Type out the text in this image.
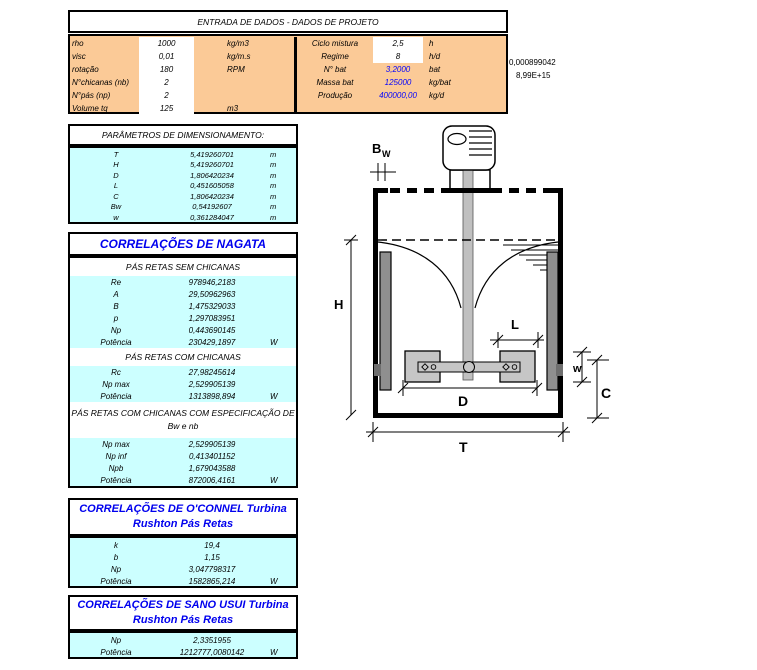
ENTRADA DE DADOS - DADOS DE PROJETO
rho	1000	kg/m3
visc	0,01	kg/m.s
rotação	180	RPM
N°chicanas (nb)	2
N°pás (np)	2
Volume tq	125	m3
Ciclo mistura	2,5	h
Regime	8	h/d
N° bat	3,2000	bat
Massa bat	125000	kg/bat
Produção	400000,00	kg/d
0,000899042
8,99E+15
PARÂMETROS DE DIMENSIONAMENTO:
T	5,419260701	m
H	5,419260701	m
D	1,806420234	m
L	0,451605058	m
C	1,806420234	m
Bw	0,54192607	m
w	0,361284047	m
CORRELAÇÕES DE NAGATA
PÁS RETAS SEM CHICANAS
Re	978946,2183
A	29,50962963
B	1,475329033
p	1,297083951
Np	0,443690145
Potência	230429,1897	W
PÁS RETAS COM CHICANAS
Rc	27,98245614
Np max	2,529905139
Potência	1313898,894	W
PÁS RETAS COM CHICANAS COM ESPECIFICAÇÃO DE
Bw e nb
Np max	2,529905139
Np inf	0,413401152
Npb	1,679043588
Potência	872006,4161	W
CORRELAÇÕES DE O'CONNEL Turbina
Rushton Pás Retas
k	19,4
b	1,15
Np	3,047798317
Potência	1582865,214	W
CORRELAÇÕES DE SANO USUI Turbina
Rushton Pás Retas
Np	2,3351955
Potência	1212777,0080142	W
B W
H
L
w
D	C
T
